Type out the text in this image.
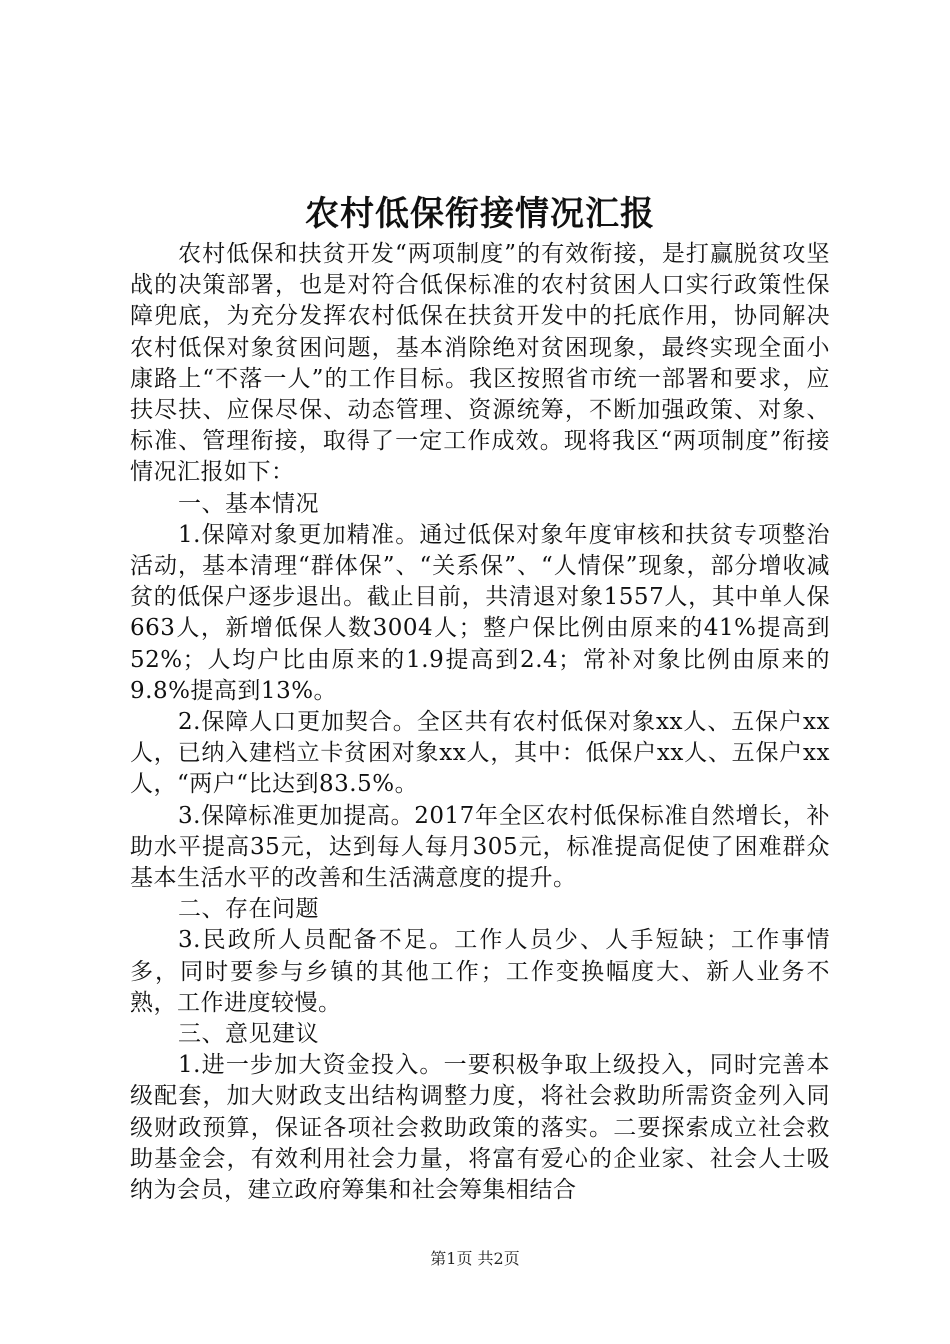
农村低保衔接情况汇报

农村低保和扶贫开发“两项制度”的有效衔接，是打赢脱贫攻坚战的决策部署，也是对符合低保标准的农村贫困人口实行政策性保障兜底，为充分发挥农村低保在扶贫开发中的托底作用，协同解决农村低保对象贫困问题，基本消除绝对贫困现象，最终实现全面小康路上“不落一人”的工作目标。我区按照省市统一部署和要求，应扶尽扶、应保尽保、动态管理、资源统筹，不断加强政策、对象、标准、管理衔接，取得了一定工作成效。现将我区“两项制度”衔接情况汇报如下：

一、基本情况

1.保障对象更加精准。通过低保对象年度审核和扶贫专项整治活动，基本清理“群体保”、“关系保”、“人情保”现象，部分增收减贫的低保户逐步退出。截止目前，共清退对象1557人，其中单人保663人，新增低保人数3004人；整户保比例由原来的41%提高到52%；人均户比由原来的1.9提高到2.4；常补对象比例由原来的9.8%提高到13%。

2.保障人口更加契合。全区共有农村低保对象xx人、五保户xx人，已纳入建档立卡贫困对象xx人，其中：低保户xx人、五保户xx人，“两户“比达到83.5%。

3.保障标准更加提高。2017年全区农村低保标准自然增长，补助水平提高35元，达到每人每月305元，标准提高促使了困难群众基本生活水平的改善和生活满意度的提升。

二、存在问题

3.民政所人员配备不足。工作人员少、人手短缺；工作事情多，同时要参与乡镇的其他工作；工作变换幅度大、新人业务不熟，工作进度较慢。

三、意见建议

1.进一步加大资金投入。一要积极争取上级投入，同时完善本级配套，加大财政支出结构调整力度，将社会救助所需资金列入同级财政预算，保证各项社会救助政策的落实。二要探索成立社会救助基金会，有效利用社会力量，将富有爱心的企业家、社会人士吸纳为会员，建立政府筹集和社会筹集相结合

第1页 共2页
